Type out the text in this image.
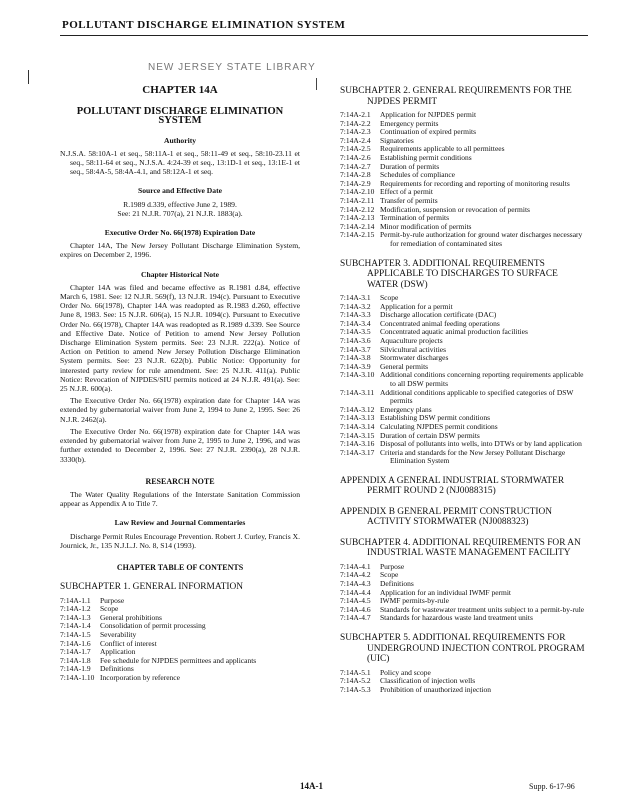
POLLUTANT DISCHARGE ELIMINATION SYSTEM
NEW JERSEY STATE LIBRARY
CHAPTER 14A
POLLUTANT DISCHARGE ELIMINATION SYSTEM
Authority

N.J.S.A. 58:10A-1 et seq., 58:11A-1 et seq., 58:11-49 et seq., 58:10-23.11 et seq., 58:11-64 et seq., N.J.S.A. 4:24-39 et seq., 13:1D-1 et seq., 13:1E-1 et seq., 58:4A-5, 58:4A-4.1, and 58:12A-1 et seq.

Source and Effective Date

R.1989 d.339, effective June 2, 1989.

See: 21 N.J.R. 707(a), 21 N.J.R. 1883(a).

Executive Order No. 66(1978) Expiration Date

Chapter 14A, The New Jersey Pollutant Discharge Elimination System, expires on December 2, 1996.

Chapter Historical Note

Chapter 14A was filed and became effective as R.1981 d.84, effective March 6, 1981. See: 12 N.J.R. 569(f), 13 N.J.R. 194(c). Pursuant to Executive Order No. 66(1978), Chapter 14A was readopted as R.1983 d.260, effective June 8, 1983. See: 15 N.J.R. 606(a), 15 N.J.R. 1094(c). Pursuant to Executive Order No. 66(1978), Chapter 14A was readopted as R.1989 d.339. See Source and Effective Date. Notice of Petition to amend New Jersey Pollution Discharge Elimination System permits. See: 23 N.J.R. 222(a). Notice of Action on Petition to amend New Jersey Pollution Discharge Elimination System permits. See: 23 N.J.R. 622(b). Public Notice: Opportunity for interested party review for rule amendment. See: 25 N.J.R. 411(a). Public Notice: Revocation of NJPDES/SIU permits noticed at 24 N.J.R. 491(a). See: 25 N.J.R. 600(a).

The Executive Order No. 66(1978) expiration date for Chapter 14A was extended by gubernatorial waiver from June 2, 1994 to June 2, 1995. See: 26 N.J.R. 2462(a).

The Executive Order No. 66(1978) expiration date for Chapter 14A was extended by gubernatorial waiver from June 2, 1995 to June 2, 1996, and was further extended to December 2, 1996. See: 27 N.J.R. 2390(a), 28 N.J.R. 3330(b).

RESEARCH NOTE

The Water Quality Regulations of the Interstate Sanitation Commission appear as Appendix A to Title 7.

Law Review and Journal Commentaries

Discharge Permit Rules Encourage Prevention. Robert J. Curley, Francis X. Journick, Jr., 135 N.J.L.J. No. 8, S14 (1993).

CHAPTER TABLE OF CONTENTS
SUBCHAPTER 1. GENERAL INFORMATION
7:14A-1.1	Purpose
7:14A-1.2	Scope
7:14A-1.3	General prohibitions
7:14A-1.4	Consolidation of permit processing
7:14A-1.5	Severability
7:14A-1.6	Conflict of interest
7:14A-1.7	Application
7:14A-1.8	Fee schedule for NJPDES permittees and applicants
7:14A-1.9	Definitions
7:14A-1.10 Incorporation by reference
SUBCHAPTER 2. GENERAL REQUIREMENTS FOR THE NJPDES PERMIT
7:14A-2.1	Application for NJPDES permit
7:14A-2.2	Emergency permits
7:14A-2.3	Continuation of expired permits
7:14A-2.4	Signatories
7:14A-2.5	Requirements applicable to all permittees
7:14A-2.6	Establishing permit conditions
7:14A-2.7	Duration of permits
7:14A-2.8	Schedules of compliance
7:14A-2.9	Requirements for recording and reporting of monitoring results
7:14A-2.10 Effect of a permit
7:14A-2.11 Transfer of permits
7:14A-2.12 Modification, suspension or revocation of permits
7:14A-2.13 Termination of permits
7:14A-2.14 Minor modification of permits
7:14A-2.15 Permit-by-rule authorization for ground water discharges necessary for remediation of contaminated sites
SUBCHAPTER 3. ADDITIONAL REQUIREMENTS APPLICABLE TO DISCHARGES TO SURFACE WATER (DSW)
7:14A-3.1	Scope
7:14A-3.2	Application for a permit
7:14A-3.3	Discharge allocation certificate (DAC)
7:14A-3.4	Concentrated animal feeding operations
7:14A-3.5	Concentrated aquatic animal production facilities
7:14A-3.6	Aquaculture projects
7:14A-3.7	Silvicultural activities
7:14A-3.8	Stormwater discharges
7:14A-3.9	General permits
7:14A-3.10 Additional conditions concerning reporting requirements applicable to all DSW permits
7:14A-3.11 Additional conditions applicable to specified categories of DSW permits
7:14A-3.12 Emergency plans
7:14A-3.13 Establishing DSW permit conditions
7:14A-3.14 Calculating NJPDES permit conditions
7:14A-3.15 Duration of certain DSW permits
7:14A-3.16 Disposal of pollutants into wells, into DTWs or by land application
7:14A-3.17 Criteria and standards for the New Jersey Pollutant Discharge Elimination System
APPENDIX A GENERAL INDUSTRIAL STORMWATER PERMIT ROUND 2 (NJ0088315)
APPENDIX B GENERAL PERMIT CONSTRUCTION ACTIVITY STORMWATER (NJ0088323)
SUBCHAPTER 4. ADDITIONAL REQUIREMENTS FOR AN INDUSTRIAL WASTE MANAGEMENT FACILITY
7:14A-4.1	Purpose
7:14A-4.2	Scope
7:14A-4.3	Definitions
7:14A-4.4	Application for an individual IWMF permit
7:14A-4.5	IWMF permits-by-rule
7:14A-4.6	Standards for wastewater treatment units subject to a permit-by-rule
7:14A-4.7	Standards for hazardous waste land treatment units
SUBCHAPTER 5. ADDITIONAL REQUIREMENTS FOR UNDERGROUND INJECTION CONTROL PROGRAM (UIC)
7:14A-5.1	Policy and scope
7:14A-5.2	Classification of injection wells
7:14A-5.3	Prohibition of unauthorized injection
14A-1	Supp. 6-17-96
